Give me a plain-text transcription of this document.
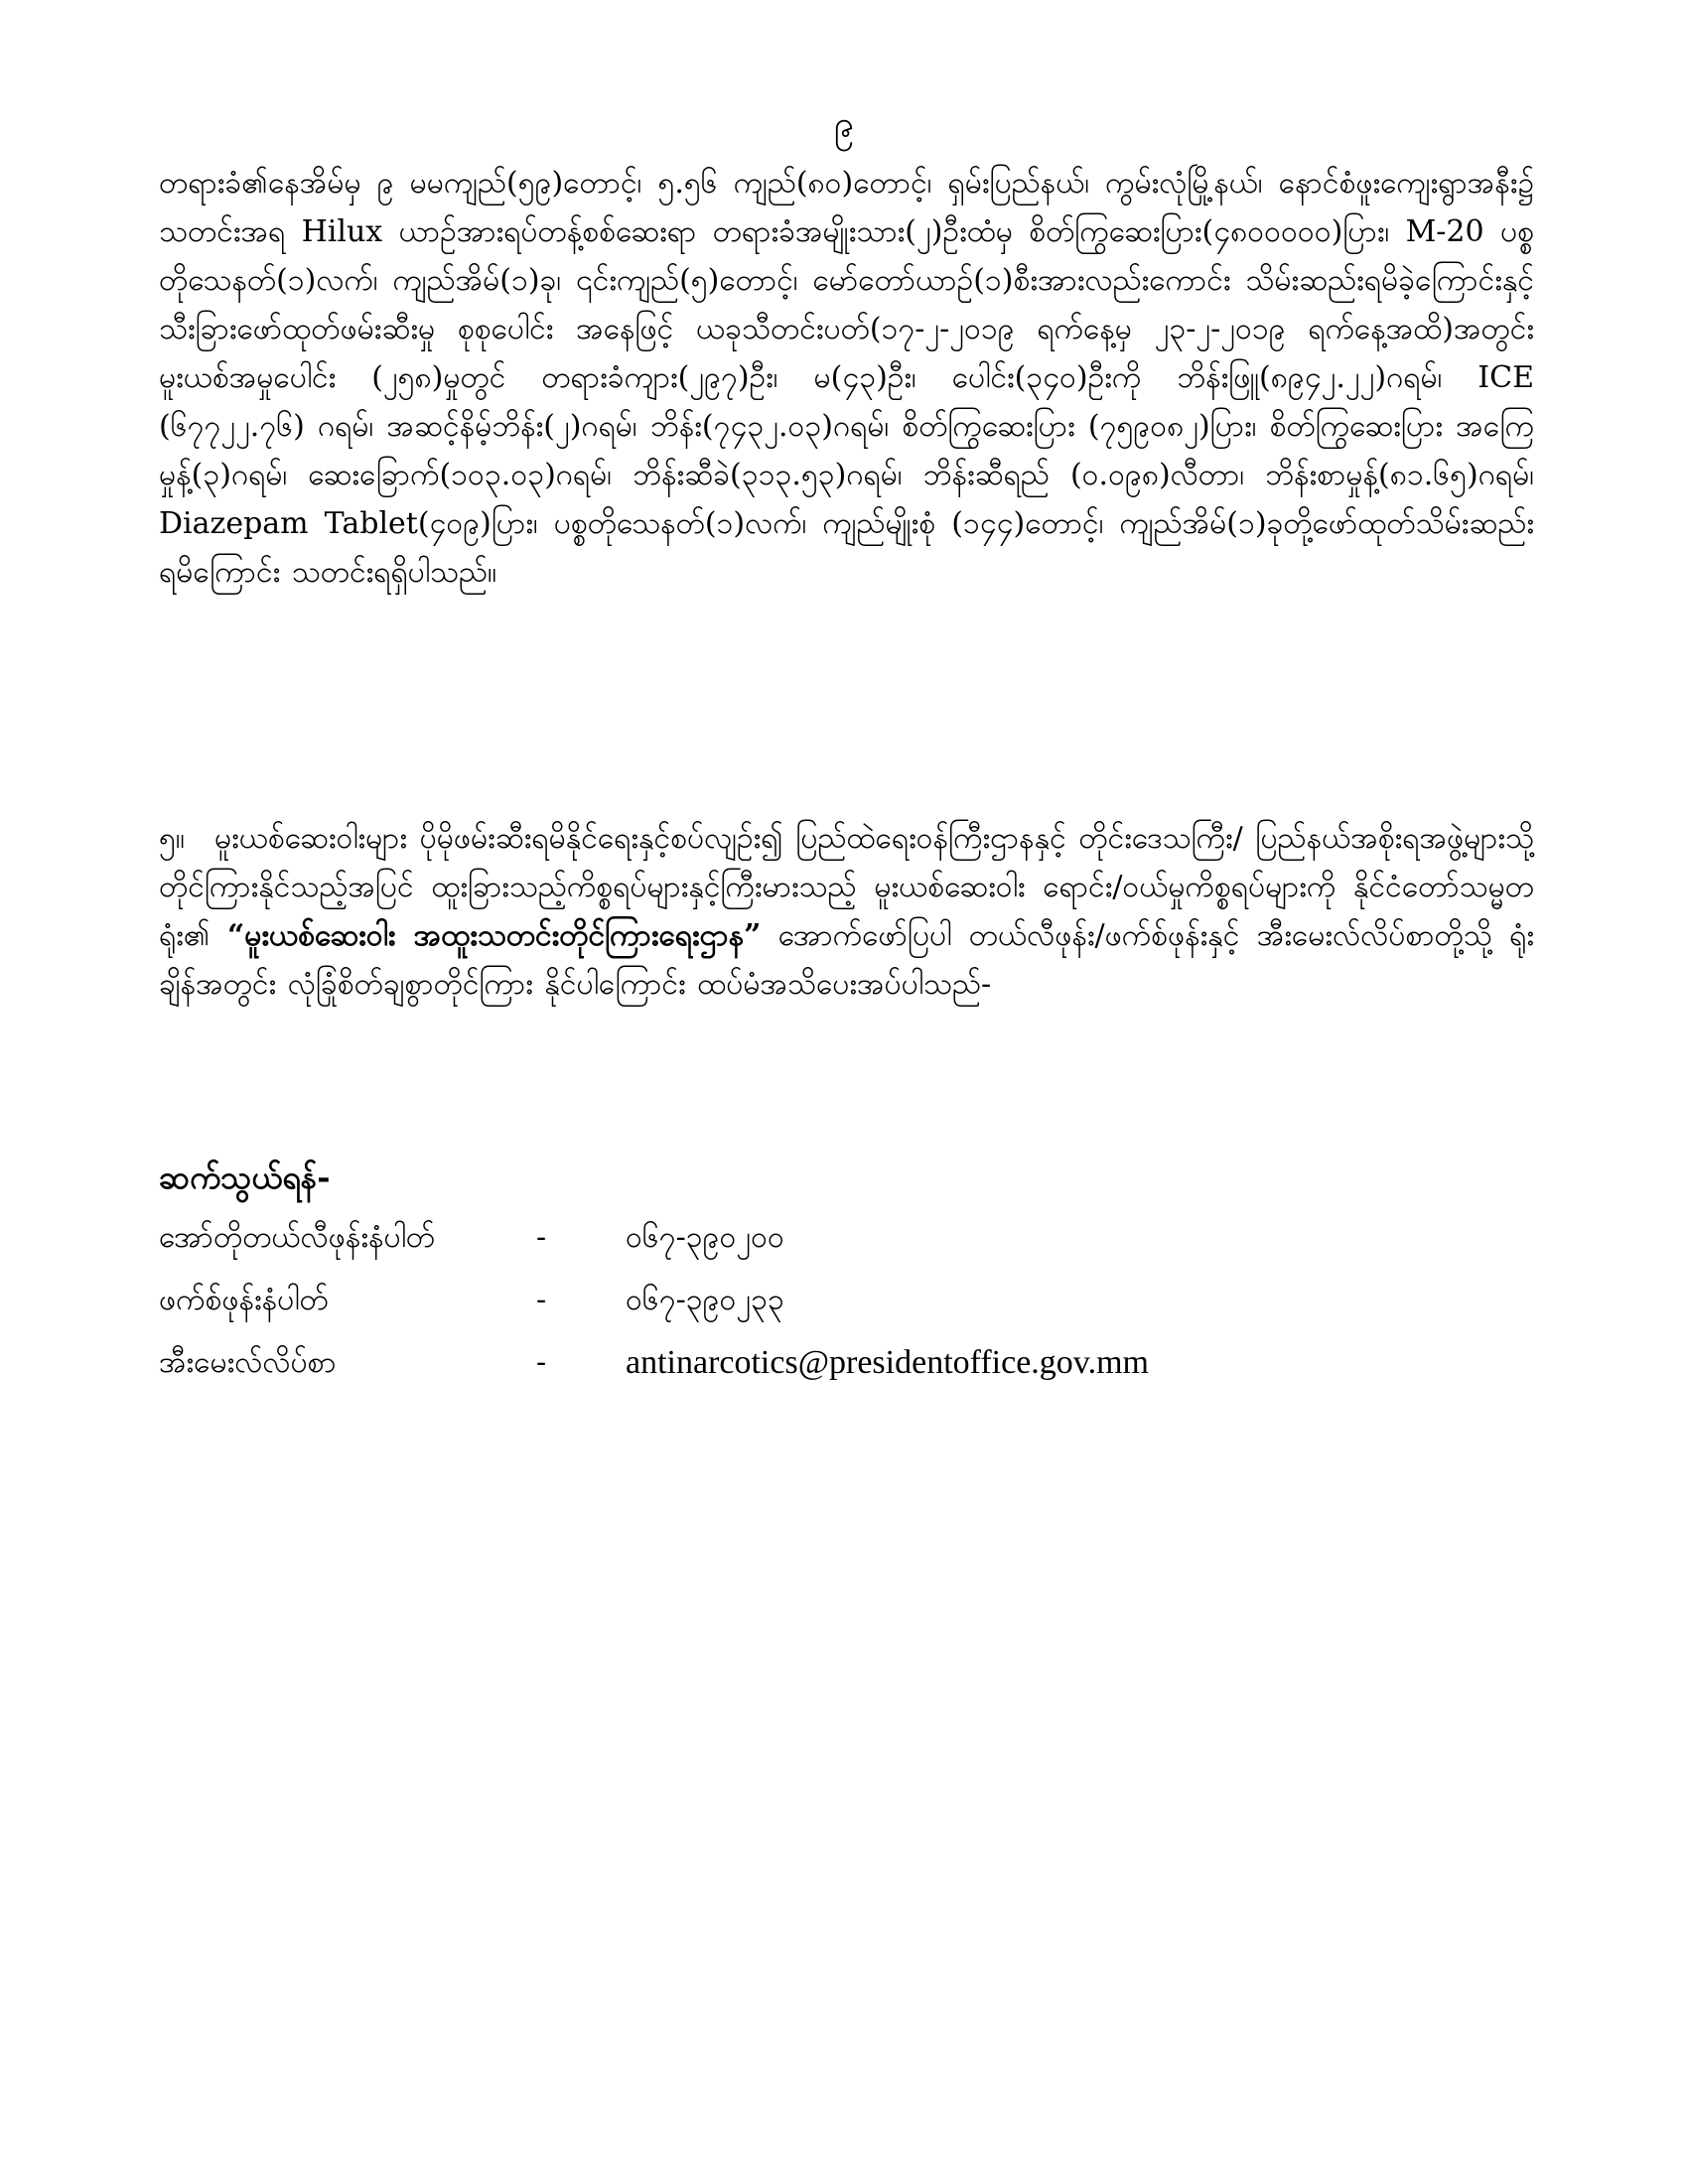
၉
တရားခံ၏နေအိမ်မှ ၉ မမကျည်(၅၉)တောင့်၊ ၅.၅၆ ကျည်(၈၀)တောင့်၊ ရှမ်းပြည်နယ်၊ ကွမ်းလုံမြို့နယ်၊ နောင်စံဖူးကျေးရွာအနီး၌ သတင်းအရ Hilux ယာဉ်အားရပ်တန့်စစ်ဆေးရာ တရားခံအမျိုးသား(၂)ဦးထံမှ စိတ်ကြွဆေးပြား(၄၈၀၀၀၀၀)ပြား၊ M-20 ပစ္စတိုသေနတ်(၁)လက်၊ ကျည်အိမ်(၁)ခု၊ ၎င်းကျည်(၅)တောင့်၊ မော်တော်ယာဉ်(၁)စီးအားလည်းကောင်း သိမ်းဆည်းရမိခဲ့ကြောင်းနှင့် သီးခြားဖော်ထုတ်ဖမ်းဆီးမှု စုစုပေါင်း အနေဖြင့် ယခုသီတင်းပတ်(၁၇-၂-၂၀၁၉ ရက်နေ့မှ ၂၃-၂-၂၀၁၉ ရက်နေ့အထိ)အတွင်း မူးယစ်အမှုပေါင်း (၂၅၈)မှုတွင် တရားခံကျား(၂၉၇)ဦး၊ မ(၄၃)ဦး၊ ပေါင်း(၃၄၀)ဦးကို ဘိန်းဖြူ(၈၉၄၂.၂၂)ဂရမ်၊ ICE (၆၇၇၂၂.၇၆) ဂရမ်၊ အဆင့်နိမ့်ဘိန်း(၂)ဂရမ်၊ ဘိန်း(၇၄၃၂.၀၃)ဂရမ်၊ စိတ်ကြွဆေးပြား (၇၅၉၀၈၂)ပြား၊ စိတ်ကြွဆေးပြား အကြေမှုန့်(၃)ဂရမ်၊ ဆေးခြောက်(၁၀၃.၀၃)ဂရမ်၊ ဘိန်းဆီခဲ(၃၁၃.၅၃)ဂရမ်၊ ဘိန်းဆီရည် (၀.၀၉၈)လီတာ၊ ဘိန်းစာမှုန့်(၈၁.၆၅)ဂရမ်၊ Diazepam Tablet(၄၀၉)ပြား၊ ပစ္စတိုသေနတ်(၁)လက်၊ ကျည်မျိုးစုံ (၁၄၄)တောင့်၊ ကျည်အိမ်(၁)ခုတို့ဖော်ထုတ်သိမ်းဆည်းရမိကြောင်း သတင်းရရှိပါသည်။
၅။ မူးယစ်ဆေးဝါးများ ပိုမိုဖမ်းဆီးရမိနိုင်ရေးနှင့်စပ်လျဉ်း၍ ပြည်ထဲရေးဝန်ကြီးဌာနနှင့် တိုင်းဒေသကြီး/ ပြည်နယ်အစိုးရအဖွဲ့များသို့ တိုင်ကြားနိုင်သည့်အပြင် ထူးခြားသည့်ကိစ္စရပ်များနှင့်ကြီးမားသည့် မူးယစ်ဆေးဝါး ရောင်း/ဝယ်မှုကိစ္စရပ်များကို နိုင်ငံတော်သမ္မတရုံး၏ “မူးယစ်ဆေးဝါး အထူးသတင်းတိုင်ကြားရေးဌာန” အောက်ဖော်ပြပါ တယ်လီဖုန်း/ဖက်စ်ဖုန်းနှင့် အီးမေးလ်လိပ်စာတို့သို့ ရုံးချိန်အတွင်း လုံခြုံစိတ်ချစွာတိုင်ကြား နိုင်ပါကြောင်း ထပ်မံအသိပေးအပ်ပါသည်-
ဆက်သွယ်ရန်-
အော်တိုတယ်လီဖုန်းနံပါတ်	-	၀၆၇-၃၉၀၂၀၀
ဖက်စ်ဖုန်းနံပါတ်	-	၀၆၇-၃၉၀၂၃၃
အီးမေးလ်လိပ်စာ	- antinarcotics@presidentoffice.gov.mm
